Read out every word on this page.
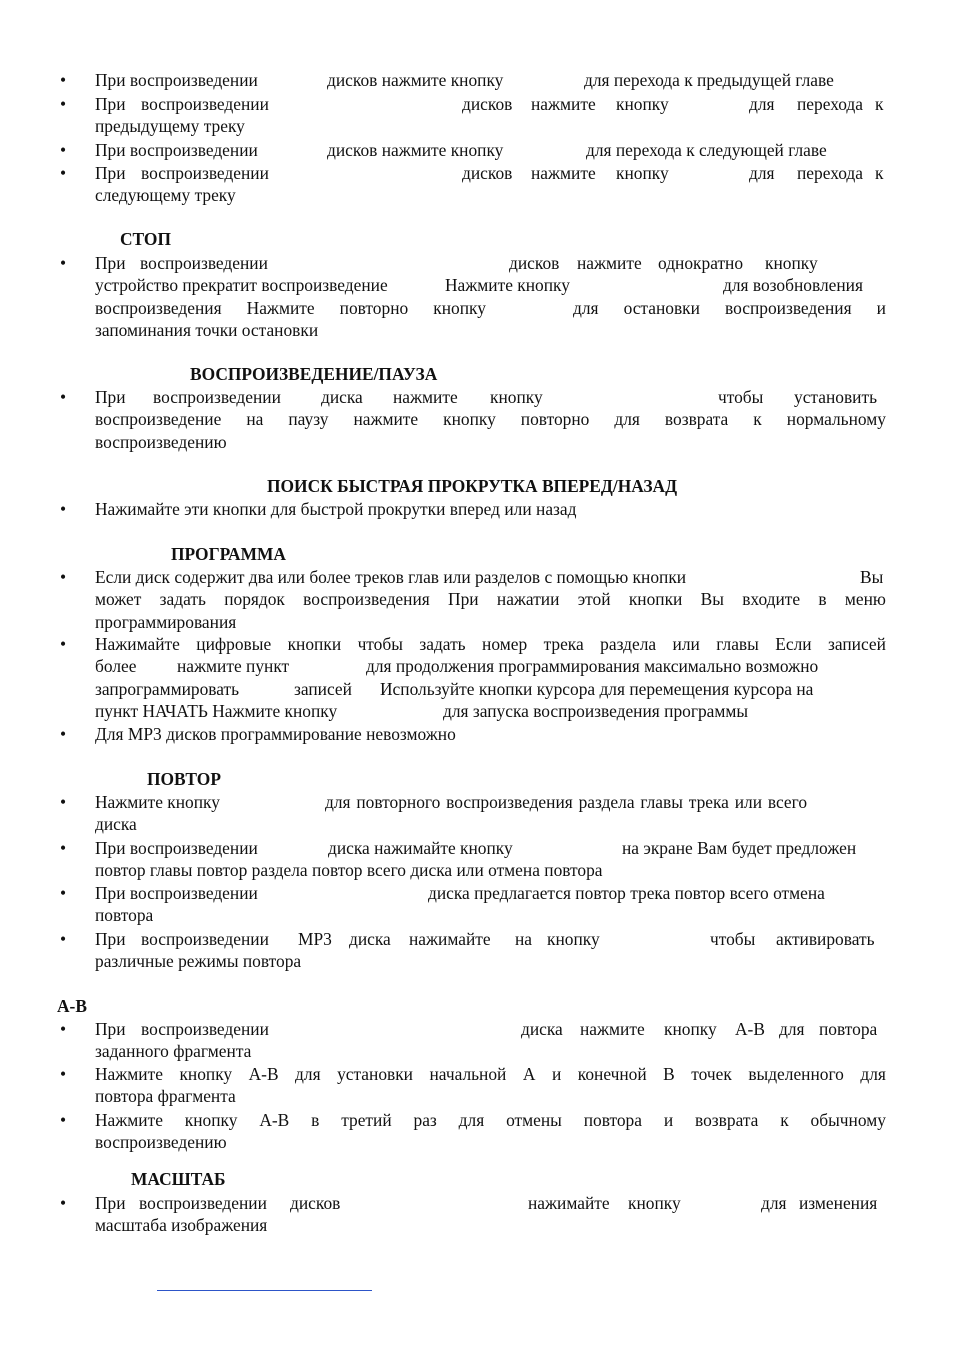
• При воспроизведении	дисков нажмите кнопку	для перехода к предыдущей главе

• При воспроизведении	дисков нажмите кнопку	для перехода к

предыдущему треку
• При воспроизведении	дисков нажмите кнопку	для перехода к следующей главе

• При воспроизведении	дисков нажмите кнопку	для перехода к

следующему треку
СТОП
• При воспроизведении	дисков нажмите однократно кнопку

устройство прекратит воспроизведение	Нажмите кнопку	для возобновления

воспроизведения Нажмите повторно кнопку	для остановки воспроизведения и
запоминания точки остановки
ВОСПРОИЗВЕДЕНИЕ/ПАУЗА
• При воспроизведении диска нажмите кнопку	чтобы установить

воспроизведение на паузу нажмите кнопку повторно для возврата к нормальному
воспроизведению
ПОИСК БЫСТРАЯ ПРОКРУТКА ВПЕРЕД/НАЗАД
• Нажимайте эти кнопки для быстрой прокрутки вперед или назад
ПРОГРАММА
• Если диск содержит два или более треков глав или разделов с помощью кнопки	Вы

может задать порядок воспроизведения При нажатии этой кнопки Вы входите в меню
программирования
• Нажимайте цифровые кнопки чтобы задать номер трека раздела или главы Если записей
более нажмите пункт	для продолжения программирования максимально возможно

запрограммировать	записей Используйте кнопки курсора для перемещения курсора на

пункт НАЧАТЬ Нажмите кнопку	для запуска воспроизведения программы

• Для MP3 дисков программирование невозможно
ПОВТОР
• Нажмите кнопку	для повторного воспроизведения раздела главы трека или всего

диска
• При воспроизведении	диска нажимайте кнопку	на экране Вам будет предложен

повтор главы повтор раздела повтор всего диска или отмена повтора
• При воспроизведении	диска предлагается повтор трека повтор всего отмена

повтора
• При воспроизведении MP3 диска нажимайте на кнопку	чтобы активировать

различные режимы повтора
A-B
• При воспроизведении	диска нажмите кнопку A-B для повтора

заданного фрагмента
• Нажмите кнопку A-B для установки начальной A и конечной B точек выделенного для
повтора фрагмента
• Нажмите кнопку A-B в третий раз для отмены повтора и возврата к обычному
воспроизведению
МАСШТАБ
• При воспроизведении дисков	нажимайте кнопку	для изменения

масштаба изображения
